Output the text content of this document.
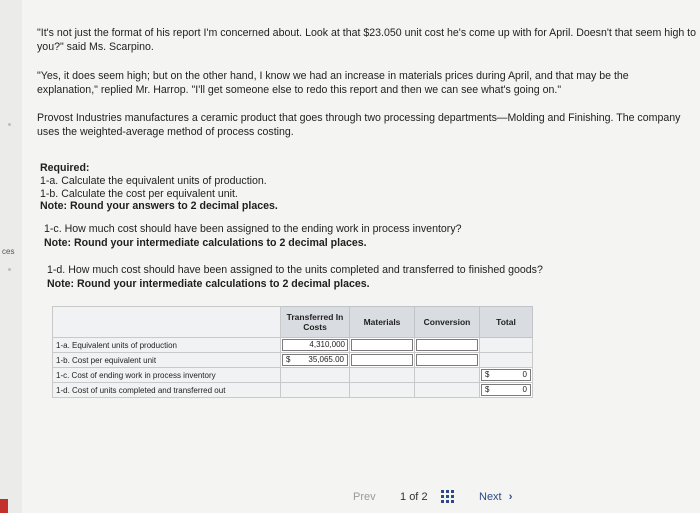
ces

"It's not just the format of his report I'm concerned about. Look at that $23.050 unit cost he's come up with for April. Doesn't that seem high to you?" said Ms. Scarpino.

"Yes, it does seem high; but on the other hand, I know we had an increase in materials prices during April, and that may be the explanation," replied Mr. Harrop. "I'll get someone else to redo this report and then we can see what's going on."

Provost Industries manufactures a ceramic product that goes through two processing departments—Molding and Finishing. The company uses the weighted-average method of process costing.

Required:

1-a. Calculate the equivalent units of production.

1-b. Calculate the cost per equivalent unit.

Note: Round your answers to 2 decimal places.

1-c. How much cost should have been assigned to the ending work in process inventory?

Note: Round your intermediate calculations to 2 decimal places.

1-d. How much cost should have been assigned to the units completed and transferred to finished goods?

Note: Round your intermediate calculations to 2 decimal places.

	Transferred In Costs	Materials	Conversion	Total
1-a. Equivalent units of production	4,310,000			

1-b. Cost per equivalent unit	$ 35,065.00			

1-c. Cost of ending work in process inventory				$ 0

1-d. Cost of units completed and transferred out				$ 0
Prev 1 of 2	Next ›
